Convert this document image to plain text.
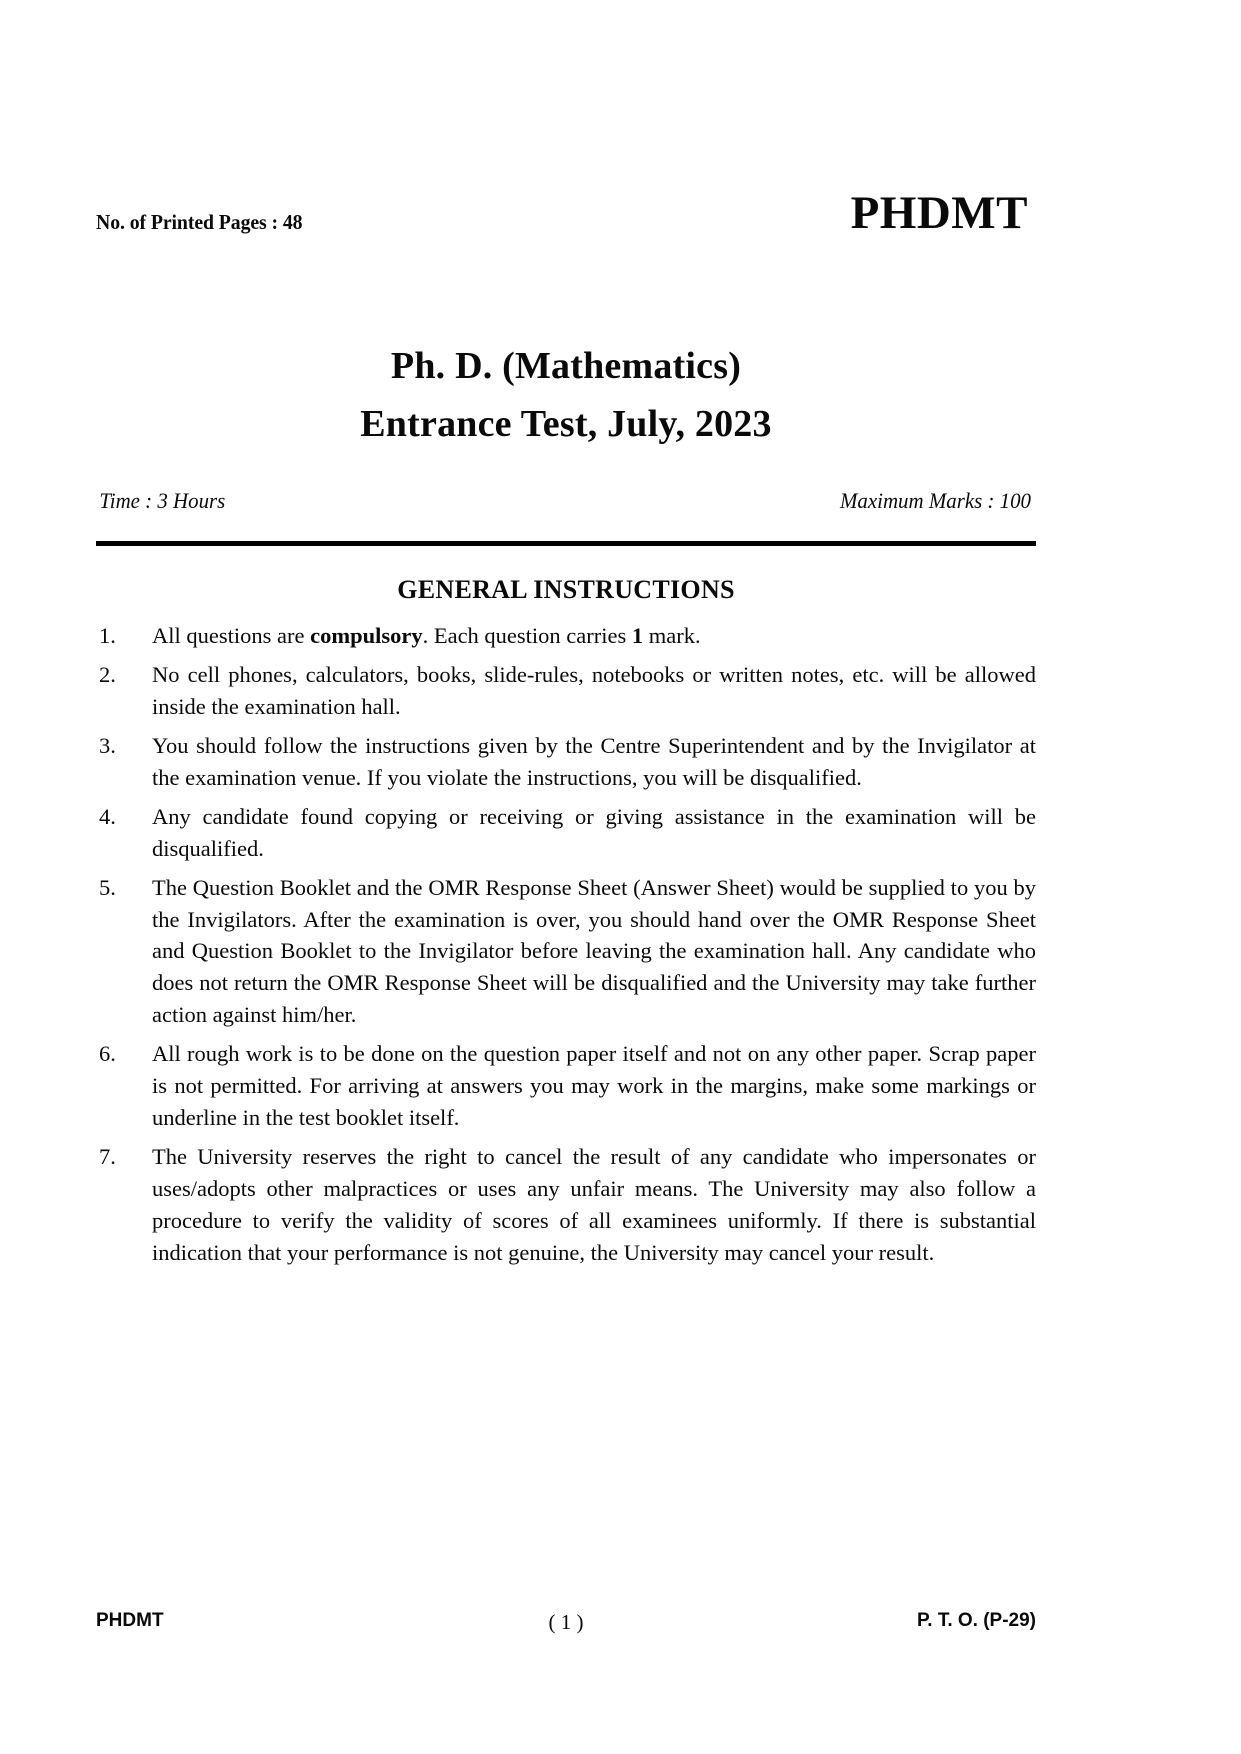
No. of Printed Pages : 48	PHDMT
Ph. D. (Mathematics)
Entrance Test, July, 2023
Time : 3 Hours	Maximum Marks : 100
GENERAL INSTRUCTIONS
1.	All questions are compulsory. Each question carries 1 mark.
2.	No cell phones, calculators, books, slide-rules, notebooks or written notes, etc. will be allowed inside the examination hall.
3.	You should follow the instructions given by the Centre Superintendent and by the Invigilator at the examination venue. If you violate the instructions, you will be disqualified.
4.	Any candidate found copying or receiving or giving assistance in the examination will be disqualified.
5.	The Question Booklet and the OMR Response Sheet (Answer Sheet) would be supplied to you by the Invigilators. After the examination is over, you should hand over the OMR Response Sheet and Question Booklet to the Invigilator before leaving the examination hall. Any candidate who does not return the OMR Response Sheet will be disqualified and the University may take further action against him/her.
6.	All rough work is to be done on the question paper itself and not on any other paper. Scrap paper is not permitted. For arriving at answers you may work in the margins, make some markings or underline in the test booklet itself.
7.	The University reserves the right to cancel the result of any candidate who impersonates or uses/adopts other malpractices or uses any unfair means. The University may also follow a procedure to verify the validity of scores of all examinees uniformly. If there is substantial indication that your performance is not genuine, the University may cancel your result.
PHDMT	( 1 )	P. T. O. (P-29)
